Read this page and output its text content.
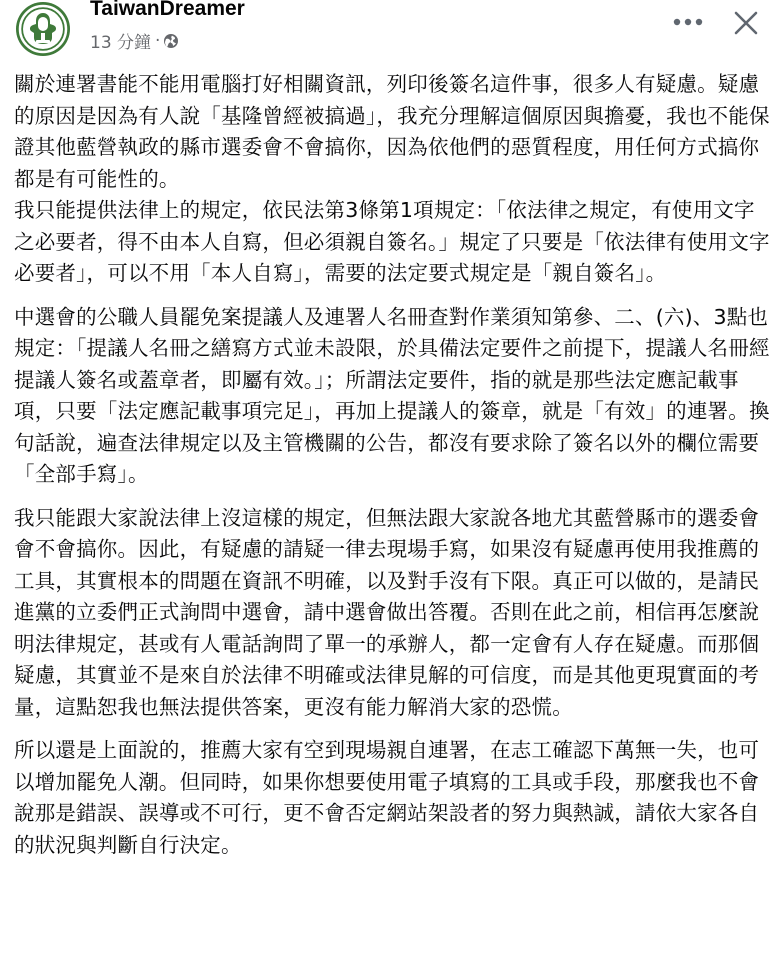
TaiwanDreamer
13 分鐘 ·

關於連署書能不能用電腦打好相關資訊，列印後簽名這件事，很多人有疑慮。疑慮的原因是因為有人說「基隆曾經被搞過」，我充分理解這個原因與擔憂，我也不能保證其他藍營執政的縣市選委會不會搞你，因為依他們的惡質程度，用任何方式搞你都是有可能性的。

我只能提供法律上的規定，依民法第3條第1項規定：「依法律之規定，有使用文字之必要者，得不由本人自寫，但必須親自簽名。」規定了只要是「依法律有使用文字必要者」，可以不用「本人自寫」，需要的法定要式規定是「親自簽名」。

中選會的公職人員罷免案提議人及連署人名冊查對作業須知第參、二、(六)、3點也規定：「提議人名冊之繕寫方式並未設限，於具備法定要件之前提下，提議人名冊經提議人簽名或蓋章者，即屬有效。」；所謂法定要件，指的就是那些法定應記載事項，只要「法定應記載事項完足」，再加上提議人的簽章，就是「有效」的連署。換句話說，遍查法律規定以及主管機關的公告，都沒有要求除了簽名以外的欄位需要「全部手寫」。

我只能跟大家說法律上沒這樣的規定，但無法跟大家說各地尤其藍營縣市的選委會會不會搞你。因此，有疑慮的請疑一律去現場手寫，如果沒有疑慮再使用我推薦的工具，其實根本的問題在資訊不明確，以及對手沒有下限。真正可以做的，是請民進黨的立委們正式詢問中選會，請中選會做出答覆。否則在此之前，相信再怎麼說明法律規定，甚或有人電話詢問了單一的承辦人，都一定會有人存在疑慮。而那個疑慮，其實並不是來自於法律不明確或法律見解的可信度，而是其他更現實面的考量，這點恕我也無法提供答案，更沒有能力解消大家的恐慌。

所以還是上面說的，推薦大家有空到現場親自連署，在志工確認下萬無一失，也可以增加罷免人潮。但同時，如果你想要使用電子填寫的工具或手段，那麼我也不會說那是錯誤、誤導或不可行，更不會否定網站架設者的努力與熱誠，請依大家各自的狀況與判斷自行決定。
